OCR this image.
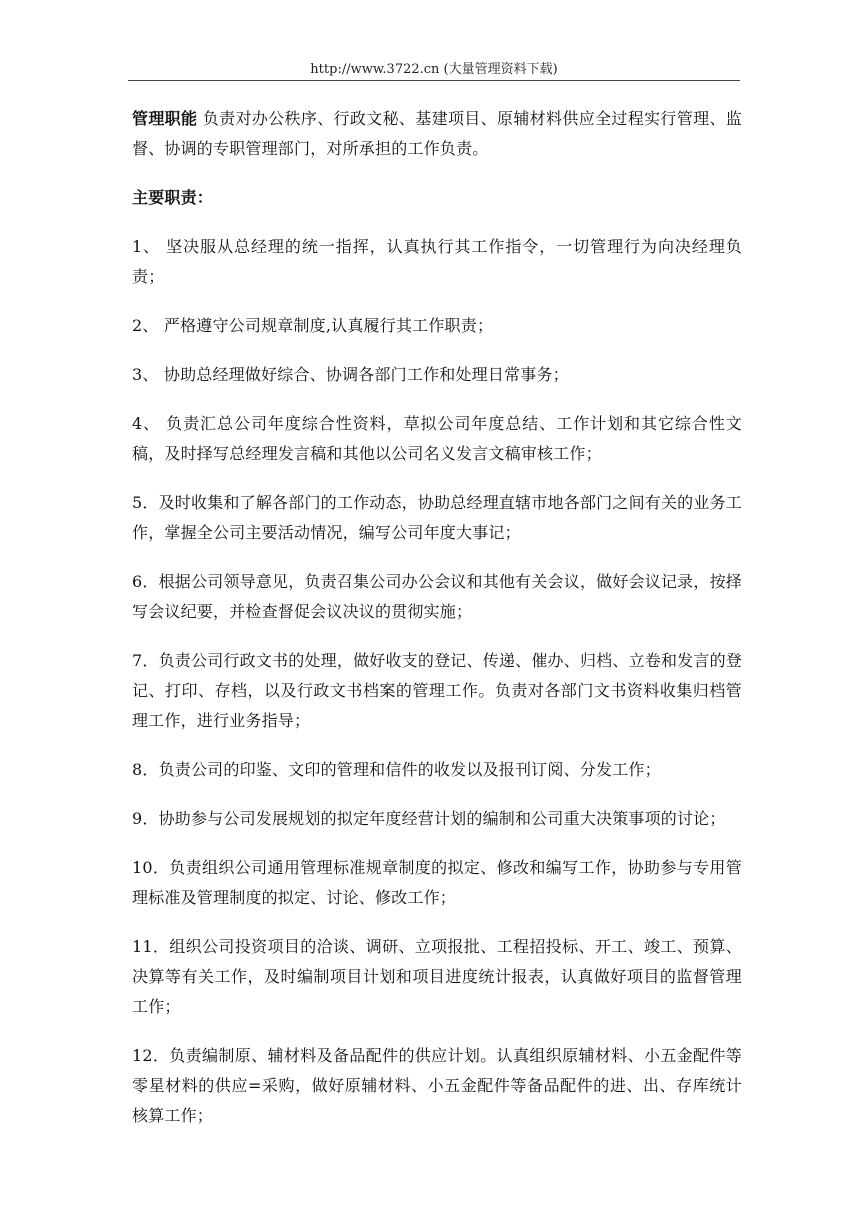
http://www.3722.cn (大量管理资料下载)

管理职能 负责对办公秩序、行政文秘、基建项目、原辅材料供应全过程实行管理、监督、协调的专职管理部门，对所承担的工作负责。

主要职责：

1、 坚决服从总经理的统一指挥，认真执行其工作指令，一切管理行为向决经理负责；

2、 严格遵守公司规章制度,认真履行其工作职责；

3、 协助总经理做好综合、协调各部门工作和处理日常事务；

4、 负责汇总公司年度综合性资料，草拟公司年度总结、工作计划和其它综合性文稿，及时择写总经理发言稿和其他以公司名义发言文稿审核工作；

5．及时收集和了解各部门的工作动态，协助总经理直辖市地各部门之间有关的业务工作，掌握全公司主要活动情况，编写公司年度大事记；

6．根据公司领导意见，负责召集公司办公会议和其他有关会议，做好会议记录，按择写会议纪要，并检查督促会议决议的贯彻实施；

7．负责公司行政文书的处理，做好收支的登记、传递、催办、归档、立卷和发言的登记、打印、存档，以及行政文书档案的管理工作。负责对各部门文书资料收集归档管理工作，进行业务指导；

8．负责公司的印鉴、文印的管理和信件的收发以及报刊订阅、分发工作；

9．协助参与公司发展规划的拟定年度经营计划的编制和公司重大决策事项的讨论；

10．负责组织公司通用管理标准规章制度的拟定、修改和编写工作，协助参与专用管理标准及管理制度的拟定、讨论、修改工作；

11．组织公司投资项目的洽谈、调研、立项报批、工程招投标、开工、竣工、预算、决算等有关工作，及时编制项目计划和项目进度统计报表，认真做好项目的监督管理工作；

12．负责编制原、辅材料及备品配件的供应计划。认真组织原辅材料、小五金配件等零星材料的供应=采购，做好原辅材料、小五金配件等备品配件的进、出、存库统计核算工作；
